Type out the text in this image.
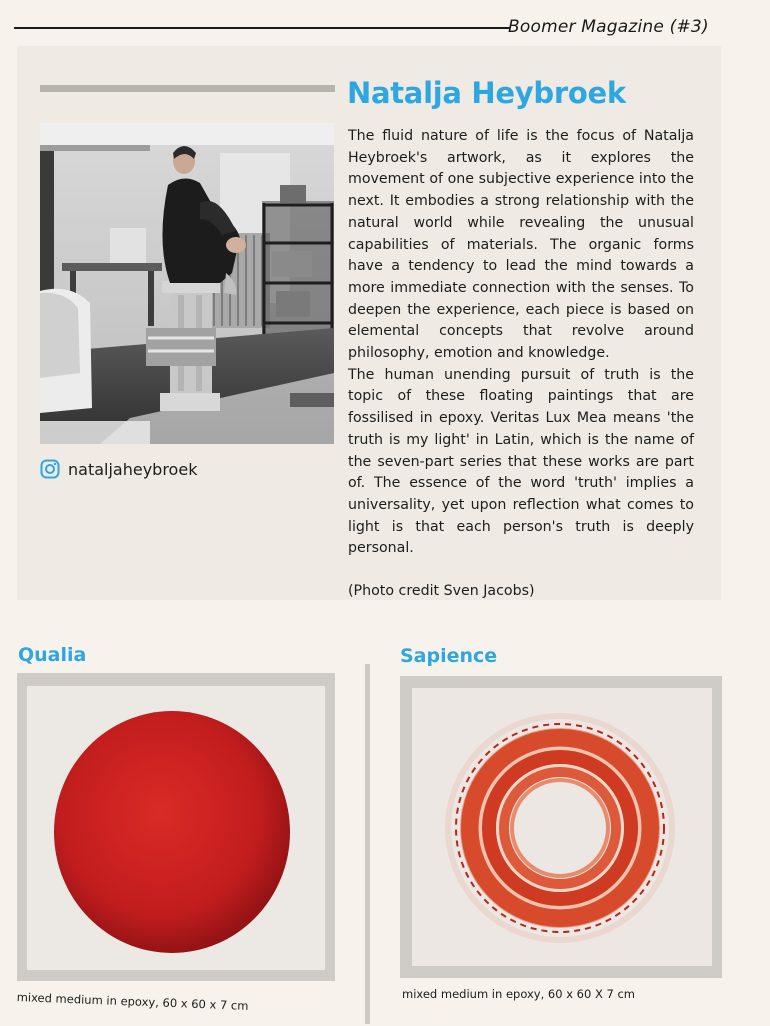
Boomer Magazine (#3)
Natalja Heybroek
nataljaheybroek

The fluid nature of life is the focus of Natalja Heybroek's artwork, as it explores the movement of one subjective experience into the next. It embodies a strong relationship with the natural world while revealing the unusual capabilities of materials. The organic forms have a tendency to lead the mind towards a more immediate connection with the senses. To deepen the experience, each piece is based on elemental concepts that revolve around philosophy, emotion and knowledge.

The human unending pursuit of truth is the topic of these floating paintings that are fossilised in epoxy. Veritas Lux Mea means 'the truth is my light' in Latin, which is the name of the seven-part series that these works are part of. The essence of the word 'truth' implies a universality, yet upon reflection what comes to light is that each person's truth is deeply personal.

(Photo credit Sven Jacobs)

Qualia	Sapience
mixed medium in epoxy, 60 x 60 x 7 cm	mixed medium in epoxy, 60 x 60 X 7 cm
